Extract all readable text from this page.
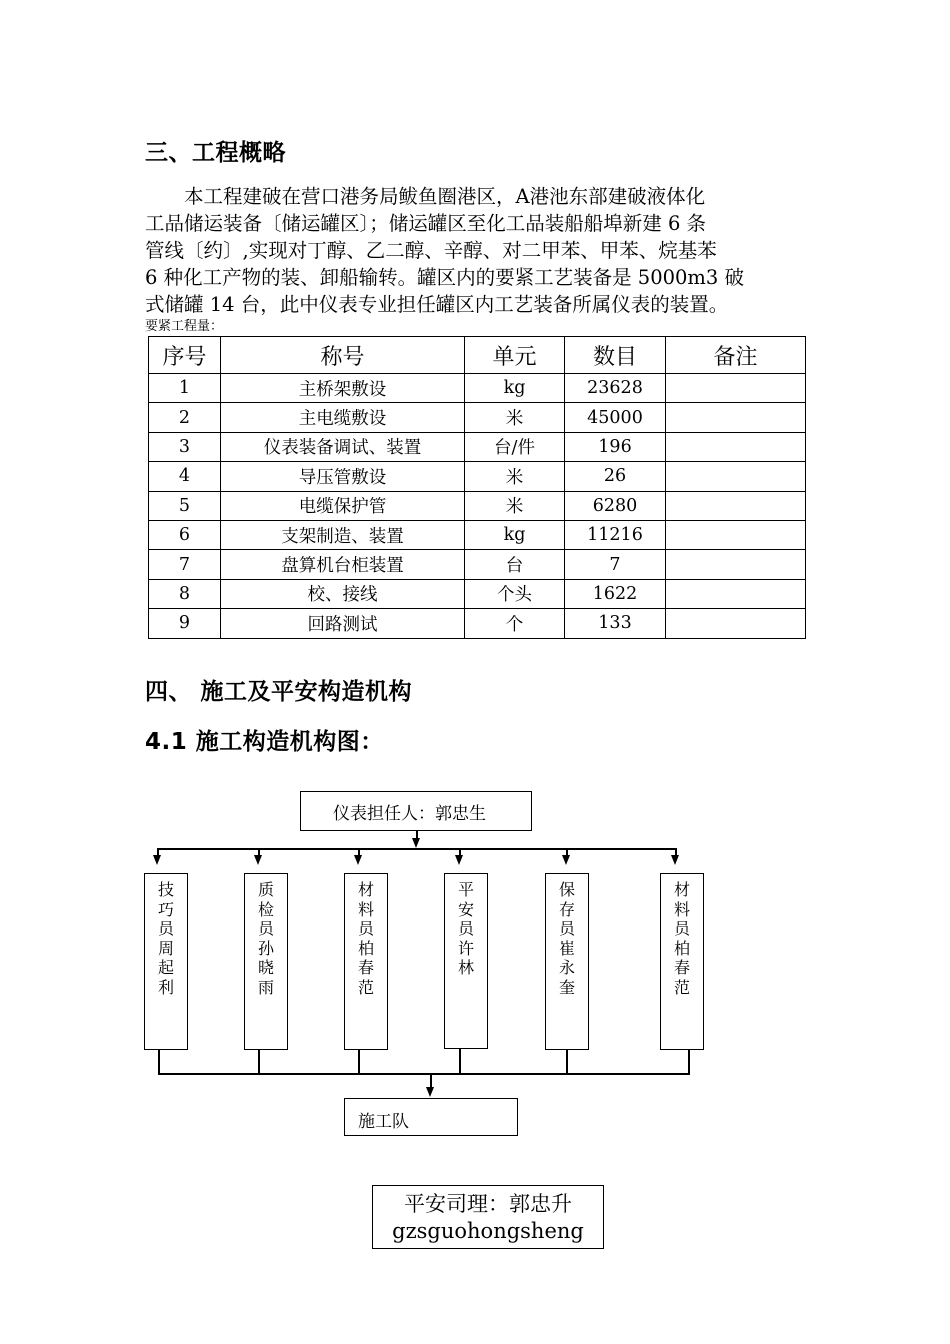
三、工程概略
　　本工程建破在营口港务局鲅鱼圈港区，A港池东部建破液体化
工品储运装备〔储运罐区〕；储运罐区至化工品装船船埠新建 6 条
管线〔约〕,实现对丁醇、乙二醇、辛醇、对二甲苯、甲苯、烷基苯
6 种化工产物的装、卸船输转。罐区内的要紧工艺装备是 5000m3 破
式储罐 14 台，此中仪表专业担任罐区内工艺装备所属仪表的装置。
要紧工程量：
序号	称号	单元	数目	备注
1	主桥架敷设	kg	23628	
2	主电缆敷设	米	45000	
3	仪表装备调试、装置	台/件	196	
4	导压管敷设	米	26	
5	电缆保护管	米	6280	
6	支架制造、装置	kg	11216	
7	盘算机台柜装置	台	7	
8	校、接线	个头	1622	
9	回路测试	个	133	
四、 施工及平安构造机构
4.1 施工构造机构图：
仪表担任人：郭忠生
技巧员周起利
质检员孙晓雨
材料员柏春范
平安员许林
保存员崔永奎
材料员柏春范
施工队
平安司理：郭忠升
gzsguohongsheng
